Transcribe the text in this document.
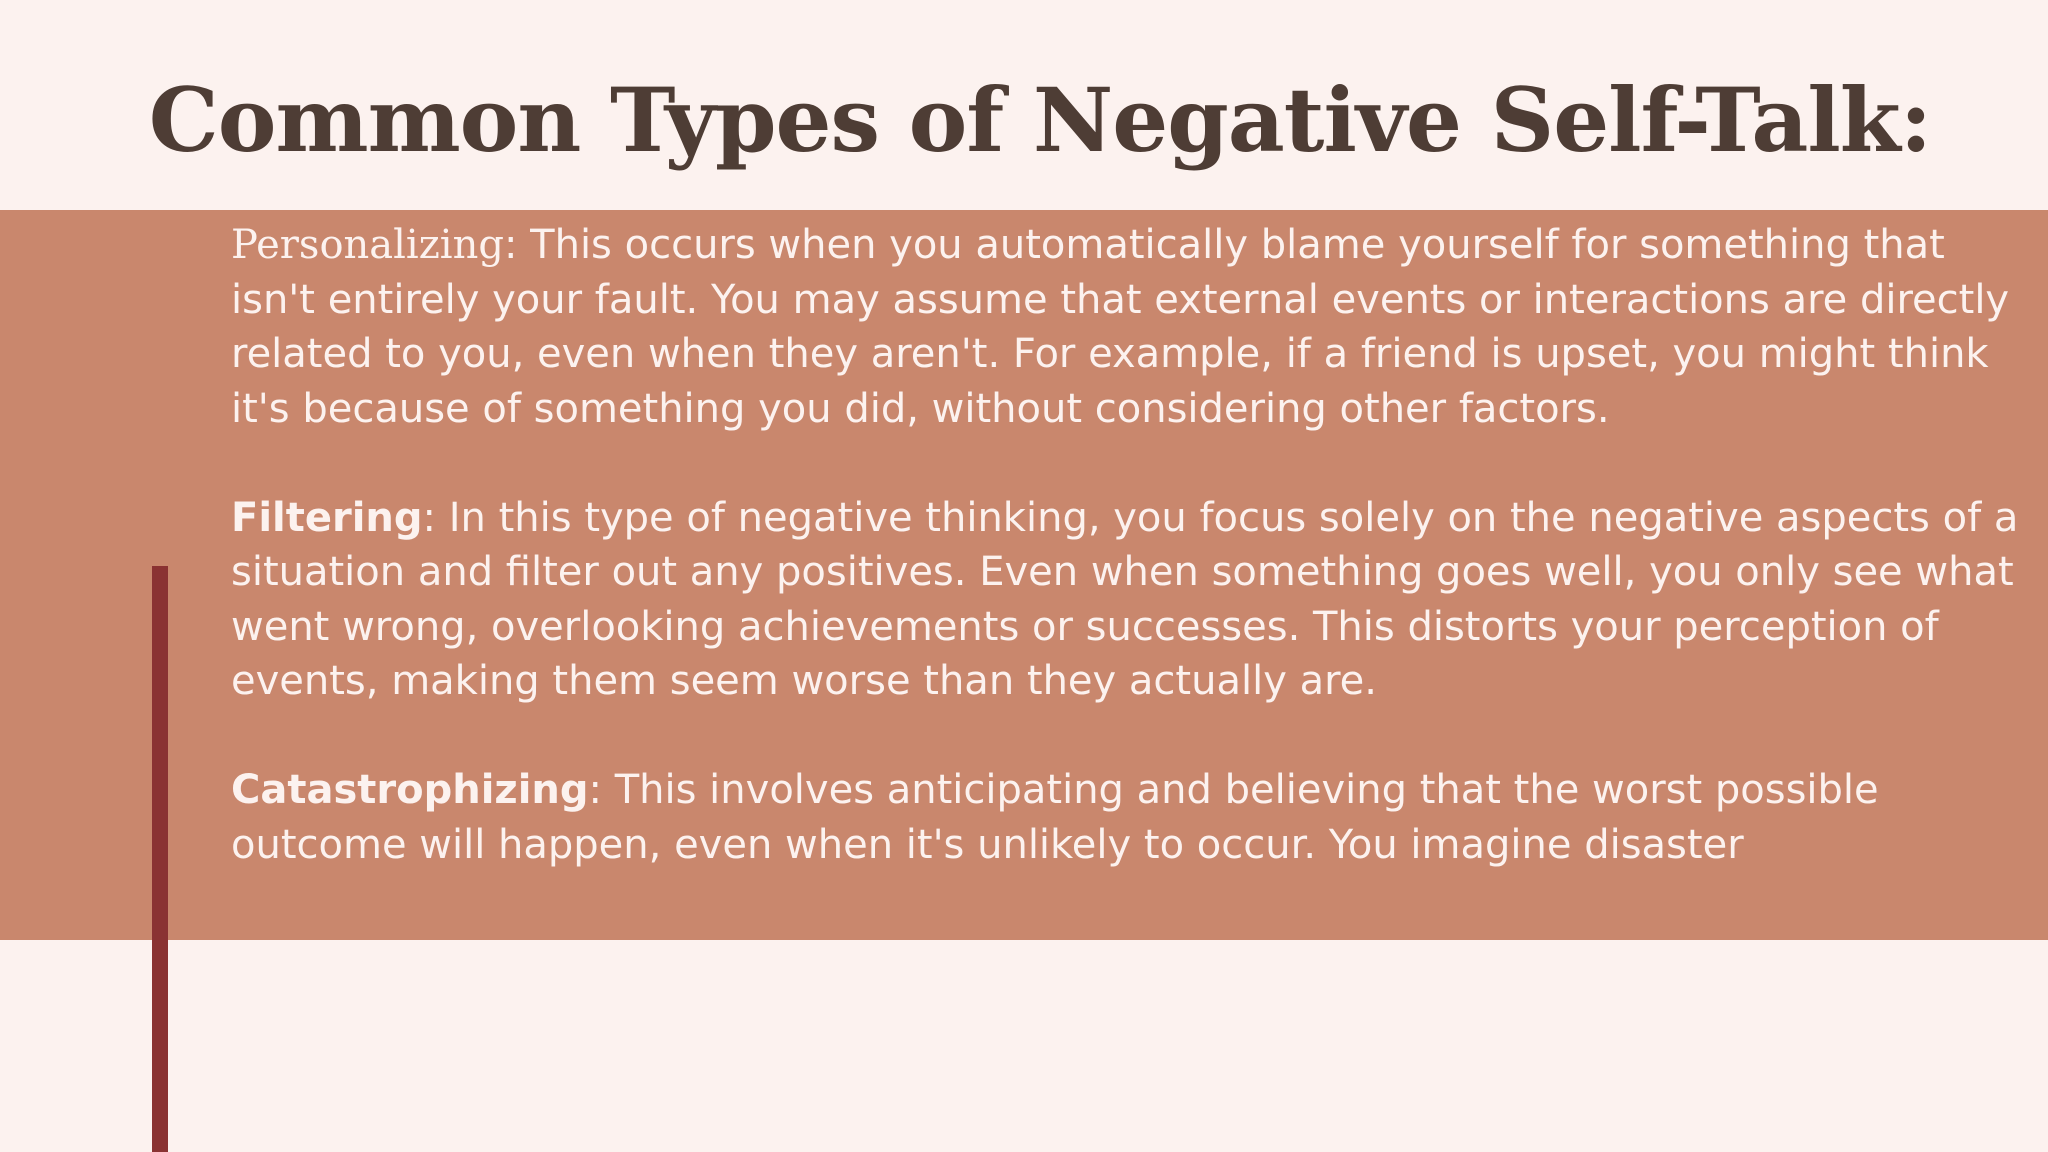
Common Types of Negative Self-Talk:

Personalizing: This occurs when you automatically blame yourself for something that isn't entirely your fault. You may assume that external events or interactions are directly related to you, even when they aren't. For example, if a friend is upset, you might think it's because of something you did, without considering other factors.

Filtering: In this type of negative thinking, you focus solely on the negative aspects of a situation and filter out any positives. Even when something goes well, you only see what went wrong, overlooking achievements or successes. This distorts your perception of events, making them seem worse than they actually are.

Catastrophizing: This involves anticipating and believing that the worst possible outcome will happen, even when it's unlikely to occur. You imagine disaster
